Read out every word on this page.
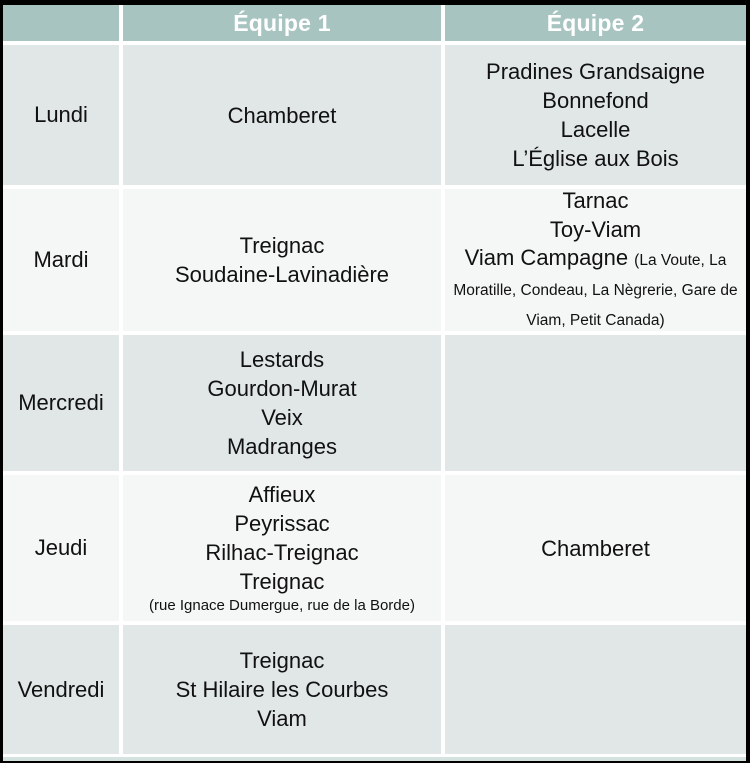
Équipe 1	Équipe 2
Lundi	Chamberet
Pradines Grandsaigne
Bonnefond
Lacelle
L’Église aux Bois
Mardi
Treignac
Soudaine-Lavinadière
Tarnac
Toy-Viam
Viam Campagne (La Voute, La Moratille, Condeau, La Nègrerie, Gare de Viam, Petit Canada)
Mercredi
Lestards
Gourdon-Murat
Veix
Madranges
Jeudi
Affieux
Peyrissac
Rilhac-Treignac
Treignac
(rue Ignace Dumergue, rue de la Borde)
Chamberet
Vendredi
Treignac
St Hilaire les Courbes
Viam
